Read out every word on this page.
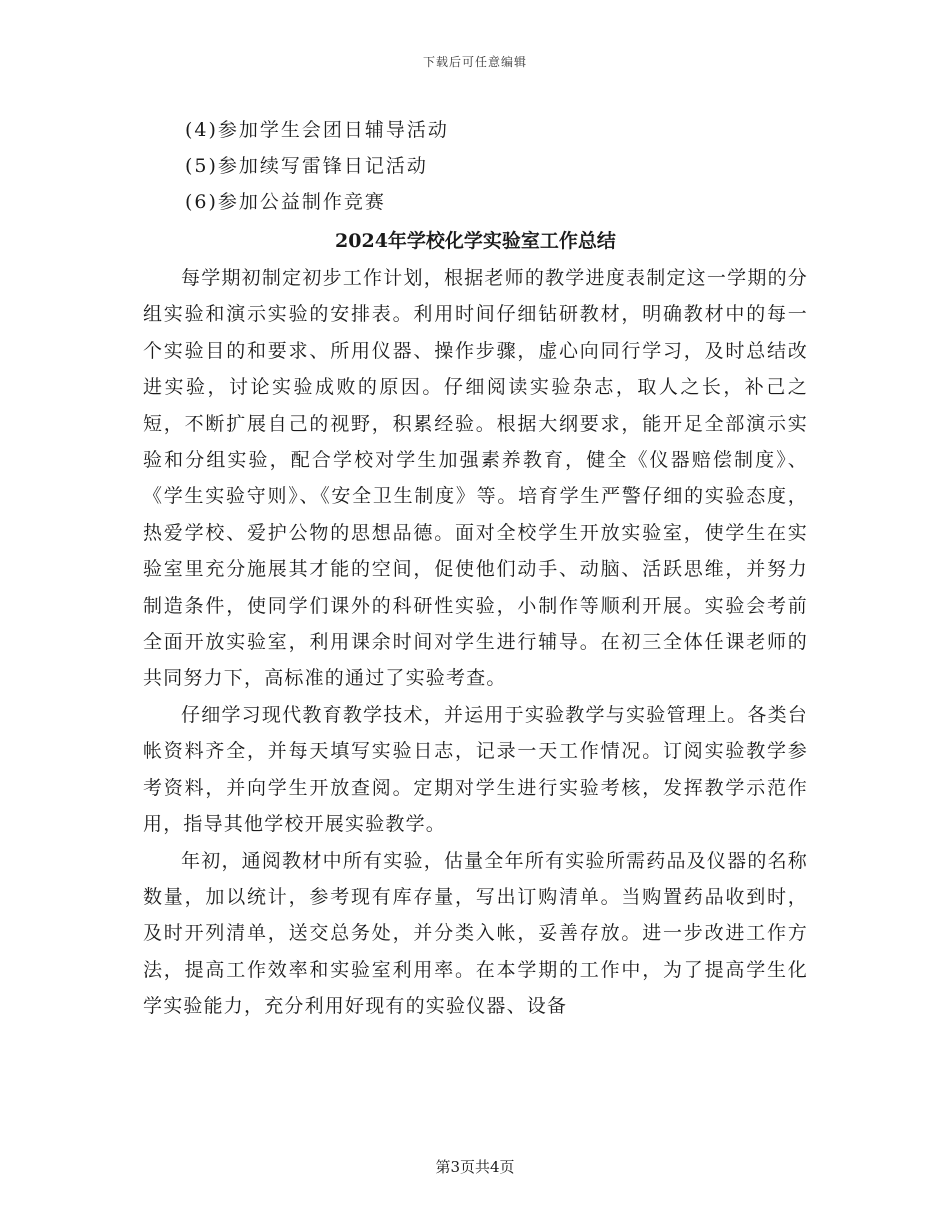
下载后可任意编辑
(4)参加学生会团日辅导活动
(5)参加续写雷锋日记活动
(6)参加公益制作竞赛
2024年学校化学实验室工作总结

每学期初制定初步工作计划，根据老师的教学进度表制定这一学期的分组实验和演示实验的安排表。利用时间仔细钻研教材，明确教材中的每一个实验目的和要求、所用仪器、操作步骤，虚心向同行学习，及时总结改进实验，讨论实验成败的原因。仔细阅读实验杂志，取人之长，补己之短，不断扩展自己的视野，积累经验。根据大纲要求，能开足全部演示实验和分组实验，配合学校对学生加强素养教育，健全《仪器赔偿制度》、《学生实验守则》、《安全卫生制度》等。培育学生严警仔细的实验态度，热爱学校、爱护公物的思想品德。面对全校学生开放实验室，使学生在实验室里充分施展其才能的空间，促使他们动手、动脑、活跃思维，并努力制造条件，使同学们课外的科研性实验，小制作等顺利开展。实验会考前全面开放实验室，利用课余时间对学生进行辅导。在初三全体任课老师的共同努力下，高标准的通过了实验考查。

仔细学习现代教育教学技术，并运用于实验教学与实验管理上。各类台帐资料齐全，并每天填写实验日志，记录一天工作情况。订阅实验教学参考资料，并向学生开放查阅。定期对学生进行实验考核，发挥教学示范作用，指导其他学校开展实验教学。

年初，通阅教材中所有实验，估量全年所有实验所需药品及仪器的名称数量，加以统计，参考现有库存量，写出订购清单。当购置药品收到时，及时开列清单，送交总务处，并分类入帐，妥善存放。进一步改进工作方法，提高工作效率和实验室利用率。在本学期的工作中，为了提高学生化学实验能力，充分利用好现有的实验仪器、设备

第3页共4页
